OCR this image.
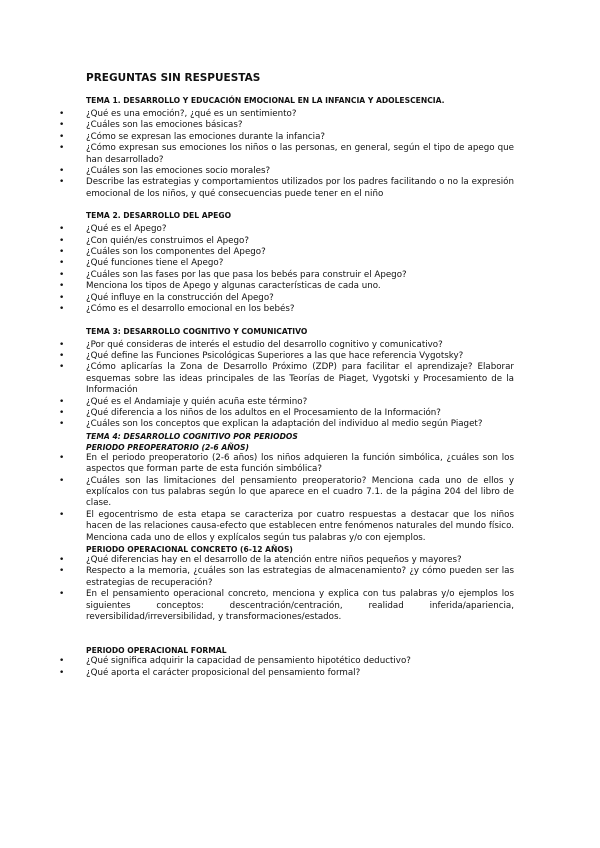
PREGUNTAS SIN RESPUESTAS
TEMA 1. DESARROLLO Y EDUCACIÓN EMOCIONAL EN LA INFANCIA Y ADOLESCENCIA.
• ¿Qué es una emoción?, ¿qué es un sentimiento?
• ¿Cuáles son las emociones básicas?
• ¿Cómo se expresan las emociones durante la infancia?
• ¿Cómo expresan sus emociones los niños o las personas, en general, según el tipo de apego que han desarrollado?
• ¿Cuáles son las emociones socio morales?
• Describe las estrategias y comportamientos utilizados por los padres facilitando o no la expresión emocional de los niños, y qué consecuencias puede tener en el niño
TEMA 2. DESARROLLO DEL APEGO
• ¿Qué es el Apego?
• ¿Con quién/es construimos el Apego?
• ¿Cuáles son los componentes del Apego?
• ¿Qué funciones tiene el Apego?
• ¿Cuáles son las fases por las que pasa los bebés para construir el Apego?
• Menciona los tipos de Apego y algunas características de cada uno.
• ¿Qué influye en la construcción del Apego?
• ¿Cómo es el desarrollo emocional en los bebés?
TEMA 3: DESARROLLO COGNITIVO Y COMUNICATIVO
• ¿Por qué consideras de interés el estudio del desarrollo cognitivo y comunicativo?
• ¿Qué define las Funciones Psicológicas Superiores a las que hace referencia Vygotsky?
• ¿Cómo aplicarías la Zona de Desarrollo Próximo (ZDP) para facilitar el aprendizaje? Elaborar esquemas sobre las ideas principales de las Teorías de Piaget, Vygotski y Procesamiento de la Información
• ¿Qué es el Andamiaje y quién acuña este término?
• ¿Qué diferencia a los niños de los adultos en el Procesamiento de la Información?
• ¿Cuáles son los conceptos que explican la adaptación del individuo al medio según Piaget?
TEMA 4: DESARROLLO COGNITIVO POR PERIODOS
PERIODO PREOPERATORIO (2-6 AÑOS)
• En el periodo preoperatorio (2-6 años) los niños adquieren la función simbólica, ¿cuáles son los aspectos que forman parte de esta función simbólica?
• ¿Cuáles son las limitaciones del pensamiento preoperatorio? Menciona cada uno de ellos y explícalos con tus palabras según lo que aparece en el cuadro 7.1. de la página 204 del libro de clase.
• El egocentrismo de esta etapa se caracteriza por cuatro respuestas a destacar que los niños hacen de las relaciones causa-efecto que establecen entre fenómenos naturales del mundo físico. Menciona cada uno de ellos y explícalos según tus palabras y/o con ejemplos.
PERIODO OPERACIONAL CONCRETO (6-12 AÑOS)
• ¿Qué diferencias hay en el desarrollo de la atención entre niños pequeños y mayores?
• Respecto a la memoria, ¿cuáles son las estrategias de almacenamiento? ¿y cómo pueden ser las estrategias de recuperación?
• En el pensamiento operacional concreto, menciona y explica con tus palabras y/o ejemplos los siguientes conceptos: descentración/centración, realidad inferida/apariencia, reversibilidad/irreversibilidad, y transformaciones/estados.
PERIODO OPERACIONAL FORMAL
• ¿Qué significa adquirir la capacidad de pensamiento hipotético deductivo?
• ¿Qué aporta el carácter proposicional del pensamiento formal?
